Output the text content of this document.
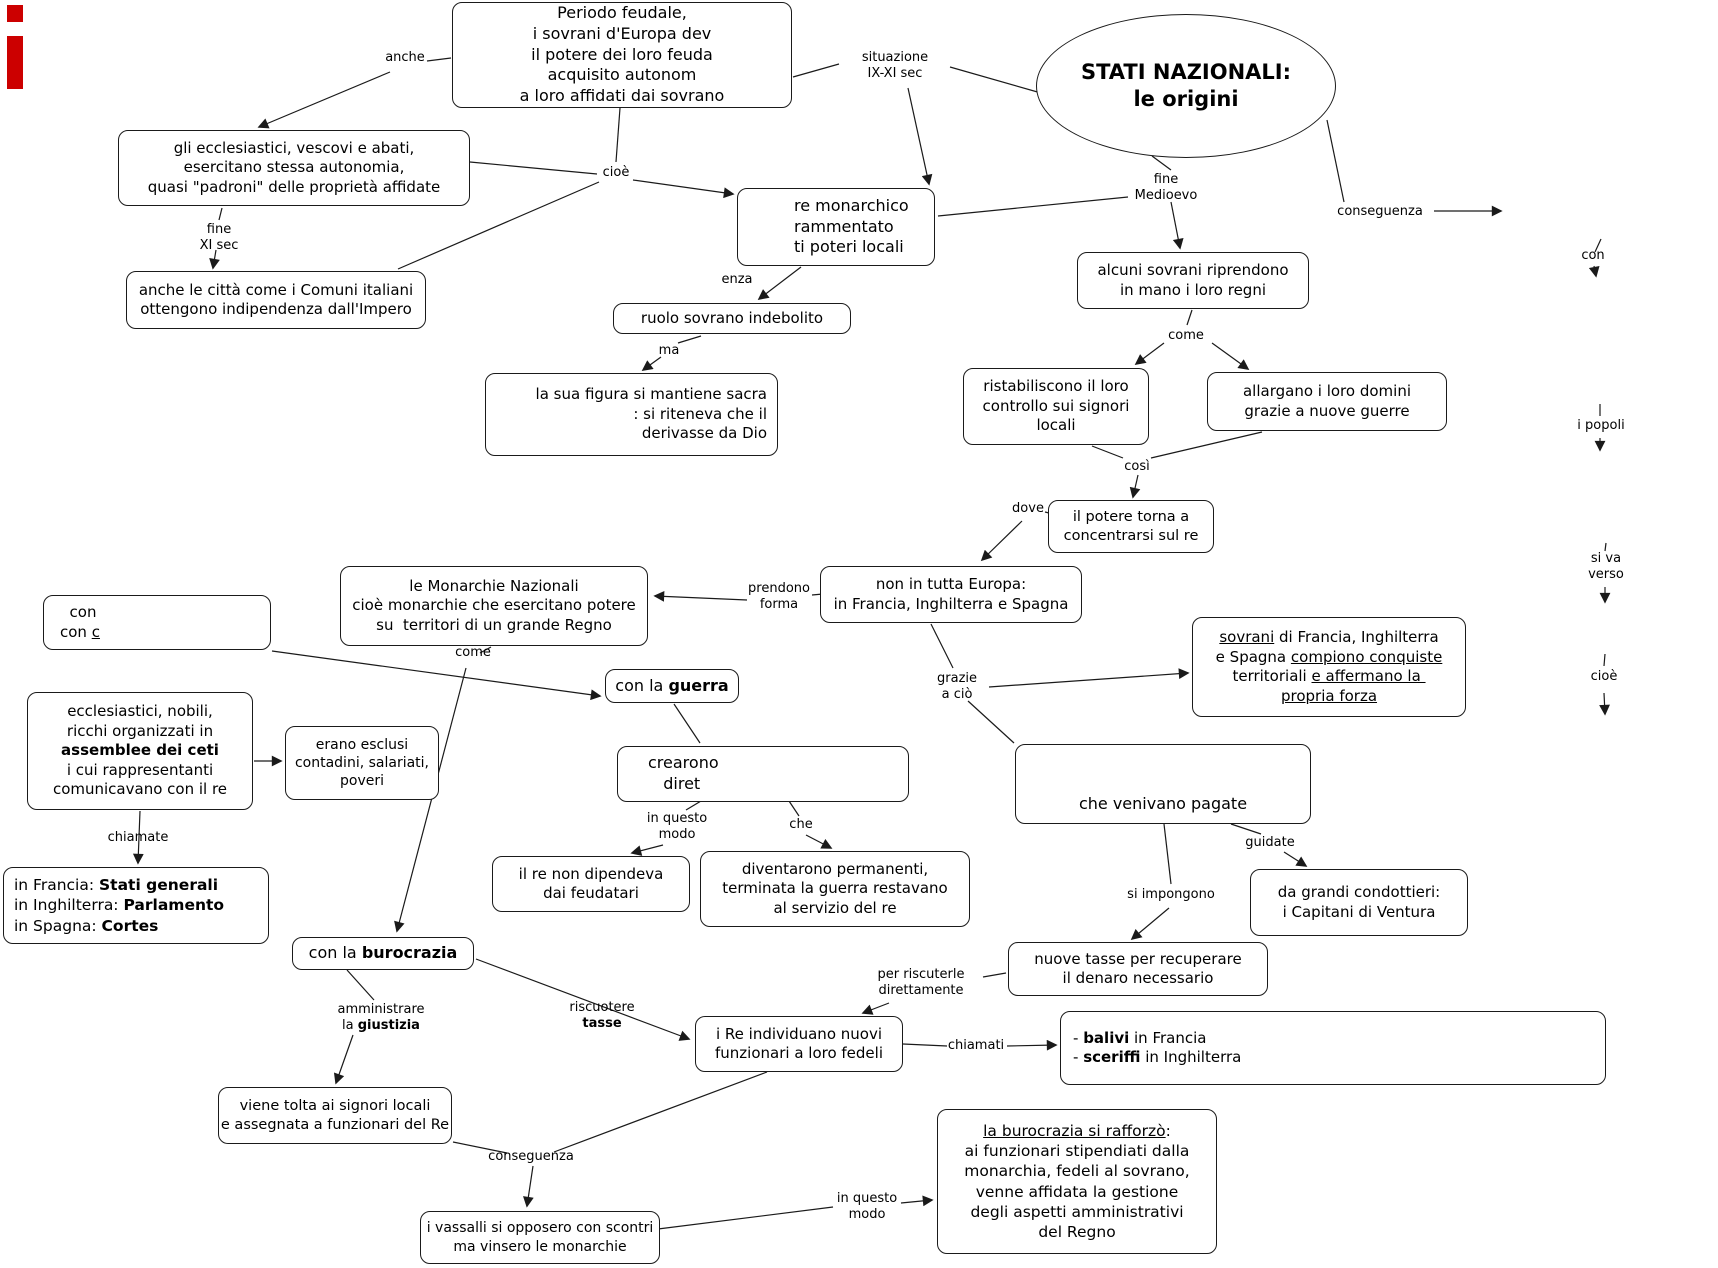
Periodo feudale,
i sovrani d'Europa dev
il potere dei loro feuda
acquisito autonom
a loro affidati dai sovrano
gli ecclesiastici, vescovi e abati,
esercitano stessa autonomia,
quasi "padroni" delle proprietà affidate
anche le città come i Comuni italiani
ottengono indipendenza dall'Impero
re monarchico
rammentato
ti poteri locali
ruolo sovrano indebolito
la sua figura si mantiene sacra
: si riteneva che il
derivasse da Dio
STATI NAZIONALI:
le origini
alcuni sovrani riprendono
in mano i loro regni
ristabiliscono il loro
controllo sui signori
locali
allargano i loro domini
grazie a nuove guerre
il potere torna a
concentrarsi sul re
non in tutta Europa:
in Francia, Inghilterra e Spagna
le Monarchie Nazionali
cioè monarchie che esercitano potere
su  territori di un grande Regno
con
con c	sovrani di Francia, Inghilterra
e Spagna compiono conquiste
territoriali e affermano la
propria forza
con la guerra
ecclesiastici, nobili,
ricchi organizzati in
assemblee dei ceti
i cui rappresentanti
comunicavano con il re
erano esclusi
contadini, salariati,
poveri
crearono
diret
che venivano pagate
il re non dipendeva
dai feudatari
diventarono permanenti,
terminata la guerra restavano
al servizio del re
da grandi condottieri:
i Capitani di Ventura
nuove tasse per recuperare
il denaro necessario
in Francia: Stati generali
in Inghilterra: Parlamento
in Spagna: Cortes
con la burocrazia
i Re individuano nuovi
funzionari a loro fedeli
- balivi in Francia
- sceriffi in Inghilterra
viene tolta ai signori locali
e assegnata a funzionari del Re
i vassalli si opposero con scontri
ma vinsero le monarchie
la burocrazia si rafforzò:
ai funzionari stipendiati dalla
monarchia, fedeli al sovrano,
venne affidata la gestione
degli aspetti amministrativi
del Regno
anche	situazione
IX-XI sec
cioè	fine
Medioevo
conseguenza
fine
XI sec
enza
ma
come
così
dove
prendono
forma
con
i popoli
si va
verso
cioè
grazie
a ciò
come
in questo
modo
che
chiamate	guidate
si impongono
per riscuterle
direttamente
amministrare
la giustizia
riscuotere
tasse
chiamati
conseguenza
in questo
modo
